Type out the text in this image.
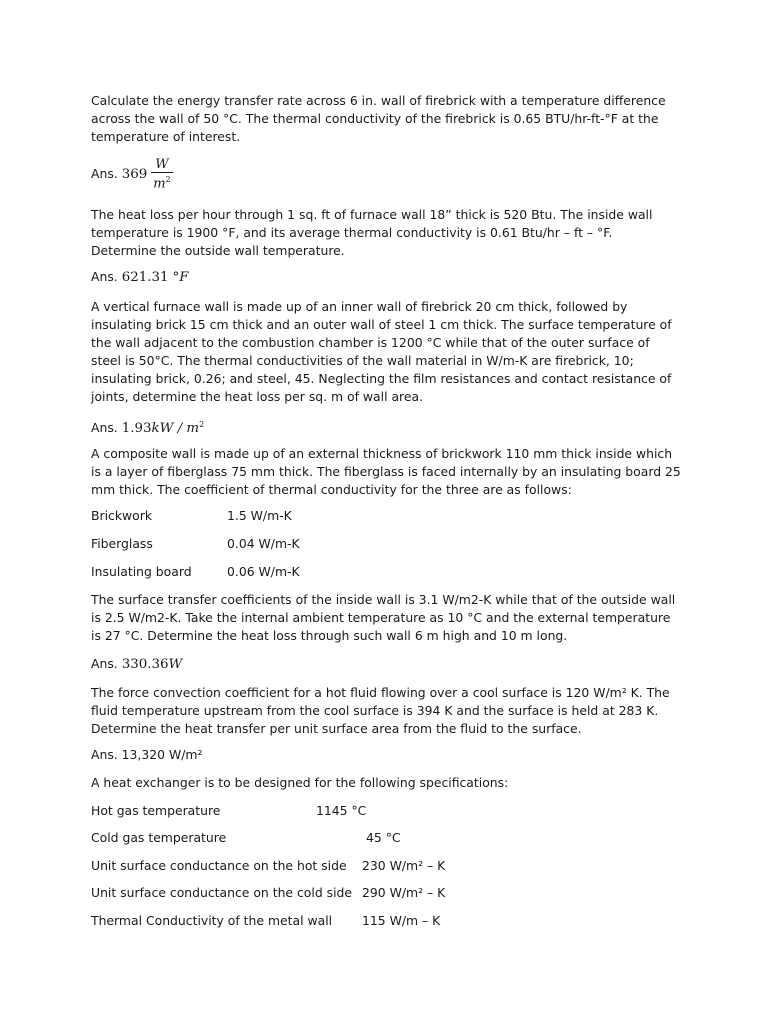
Calculate the energy transfer rate across 6 in. wall of firebrick with a temperature difference across the wall of 50 °C. The thermal conductivity of the firebrick is 0.65 BTU/hr-ft-°F at the temperature of interest.

Ans. $369 \frac{W}{m^2}$

The heat loss per hour through 1 sq. ft of furnace wall 18” thick is 520 Btu. The inside wall temperature is 1900 °F, and its average thermal conductivity is 0.61 Btu/hr – ft – °F. Determine the outside wall temperature.

Ans. 621.31 °F

A vertical furnace wall is made up of an inner wall of firebrick 20 cm thick, followed by insulating brick 15 cm thick and an outer wall of steel 1 cm thick. The surface temperature of the wall adjacent to the combustion chamber is 1200 °C while that of the outer surface of steel is 50°C. The thermal conductivities of the wall material in W/m-K are firebrick, 10; insulating brick, 0.26; and steel, 45. Neglecting the film resistances and contact resistance of joints, determine the heat loss per sq. m of wall area.

Ans. $1.93kW / m^2$

A composite wall is made up of an external thickness of brickwork 110 mm thick inside which is a layer of fiberglass 75 mm thick. The fiberglass is faced internally by an insulating board 25 mm thick. The coefficient of thermal conductivity for the three are as follows:

Brickwork	1.5 W/m-K
Fiberglass	0.04 W/m-K
Insulating board	0.06 W/m-K

The surface transfer coefficients of the inside wall is 3.1 W/m2-K while that of the outside wall is 2.5 W/m2-K. Take the internal ambient temperature as 10 °C and the external temperature is 27 °C. Determine the heat loss through such wall 6 m high and 10 m long.

Ans. 330.36W

The force convection coefficient for a hot fluid flowing over a cool surface is 120 W/m² K. The fluid temperature upstream from the cool surface is 394 K and the surface is held at 283 K. Determine the heat transfer per unit surface area from the fluid to the surface.

Ans. 13,320 W/m²
A heat exchanger is to be designed for the following specifications:
Hot gas temperature	1145 °C
Cold gas temperature	45 °C
Unit surface conductance on the hot side 230 W/m² – K
Unit surface conductance on the cold side 290 W/m² – K
Thermal Conductivity of the metal wall 115 W/m – K
